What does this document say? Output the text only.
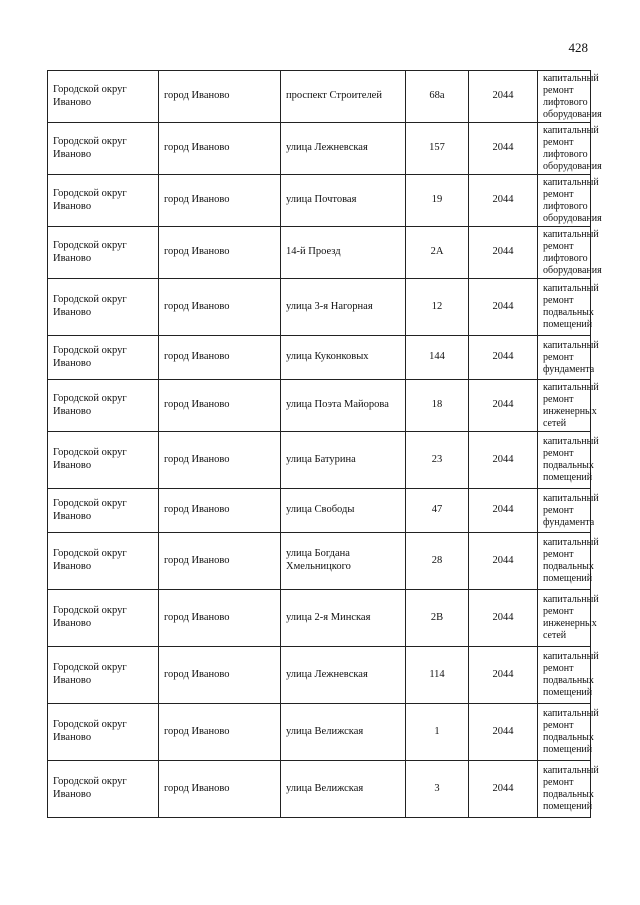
428
Городской округ Иваново	город Иваново	проспект Строителей	68а	2044	капитальный
ремонт
лифтового
оборудования

Городской округ Иваново	город Иваново	улица Лежневская	157	2044	капитальный
ремонт
лифтового
оборудования

Городской округ Иваново	город Иваново	улица Почтовая	19	2044	капитальный
ремонт
лифтового
оборудования

Городской округ Иваново	город Иваново	14-й Проезд	2А	2044	капитальный
ремонт
лифтового
оборудования

Городской округ Иваново	город Иваново	улица 3-я Нагорная	12	2044	капитальный
ремонт
подвальных
помещений

Городской округ Иваново	город Иваново	улица Куконковых	144	2044	капитальный
ремонт
фундамента

Городской округ Иваново	город Иваново	улица Поэта Майорова	18	2044	капитальный
ремонт
инженерных
сетей

Городской округ Иваново	город Иваново	улица Батурина	23	2044	капитальный
ремонт
подвальных
помещений

Городской округ Иваново	город Иваново	улица Свободы	47	2044	капитальный
ремонт
фундамента

Городской округ Иваново	город Иваново	улица Богдана Хмельницкого	28	2044	капитальный
ремонт
подвальных
помещений

Городской округ Иваново	город Иваново	улица 2-я Минская	2В	2044	капитальный
ремонт
инженерных
сетей

Городской округ Иваново	город Иваново	улица Лежневская	114	2044	капитальный
ремонт
подвальных
помещений

Городской округ Иваново	город Иваново	улица Велижская	1	2044	капитальный
ремонт
подвальных
помещений

Городской округ Иваново	город Иваново	улица Велижская	3	2044	капитальный
ремонт
подвальных
помещений
